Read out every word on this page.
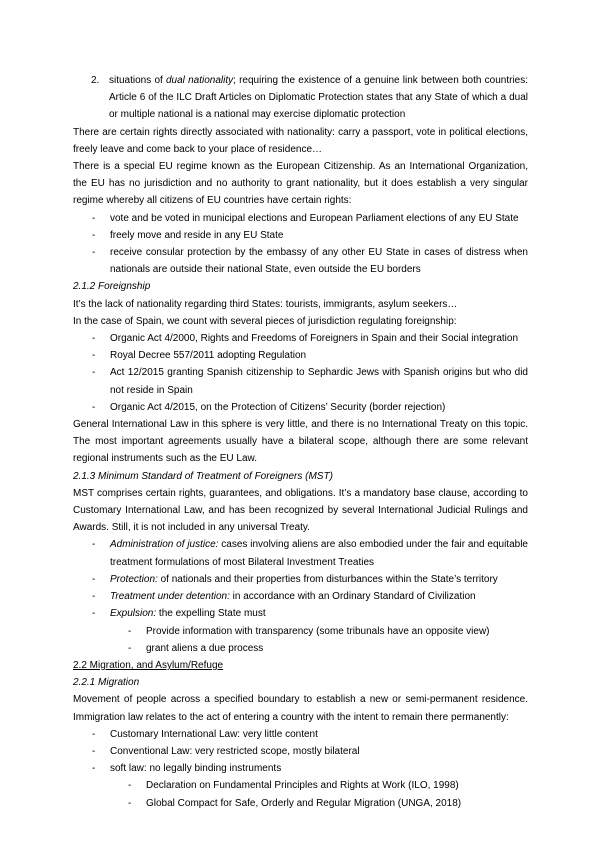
2. situations of dual nationality; requiring the existence of a genuine link between both countries: Article 6 of the ILC Draft Articles on Diplomatic Protection states that any State of which a dual or multiple national is a national may exercise diplomatic protection
There are certain rights directly associated with nationality: carry a passport, vote in political elections, freely leave and come back to your place of residence…
There is a special EU regime known as the European Citizenship. As an International Organization, the EU has no jurisdiction and no authority to grant nationality, but it does establish a very singular regime whereby all citizens of EU countries have certain rights:
- vote and be voted in municipal elections and European Parliament elections of any EU State
- freely move and reside in any EU State
- receive consular protection by the embassy of any other EU State in cases of distress when nationals are outside their national State, even outside the EU borders
2.1.2 Foreignship
It’s the lack of nationality regarding third States: tourists, immigrants, asylum seekers…
In the case of Spain, we count with several pieces of jurisdiction regulating foreignship:
- Organic Act 4/2000, Rights and Freedoms of Foreigners in Spain and their Social integration
- Royal Decree 557/2011 adopting Regulation
- Act 12/2015 granting Spanish citizenship to Sephardic Jews with Spanish origins but who did not reside in Spain
- Organic Act 4/2015, on the Protection of Citizens’ Security (border rejection)
General International Law in this sphere is very little, and there is no International Treaty on this topic. The most important agreements usually have a bilateral scope, although there are some relevant regional instruments such as the EU Law.
2.1.3 Minimum Standard of Treatment of Foreigners (MST)
MST comprises certain rights, guarantees, and obligations. It’s a mandatory base clause, according to Customary International Law, and has been recognized by several International Judicial Rulings and Awards. Still, it is not included in any universal Treaty.
- Administration of justice: cases involving aliens are also embodied under the fair and equitable treatment formulations of most Bilateral Investment Treaties
- Protection: of nationals and their properties from disturbances within the State’s territory
- Treatment under detention: in accordance with an Ordinary Standard of Civilization
- Expulsion: the expelling State must
- Provide information with transparency (some tribunals have an opposite view)
- grant aliens a due process
2.2 Migration, and Asylum/Refuge
2.2.1 Migration
Movement of people across a specified boundary to establish a new or semi-permanent residence. Immigration law relates to the act of entering a country with the intent to remain there permanently:
- Customary International Law: very little content
- Conventional Law: very restricted scope, mostly bilateral
- soft law: no legally binding instruments
- Declaration on Fundamental Principles and Rights at Work (ILO, 1998)
- Global Compact for Safe, Orderly and Regular Migration (UNGA, 2018)
